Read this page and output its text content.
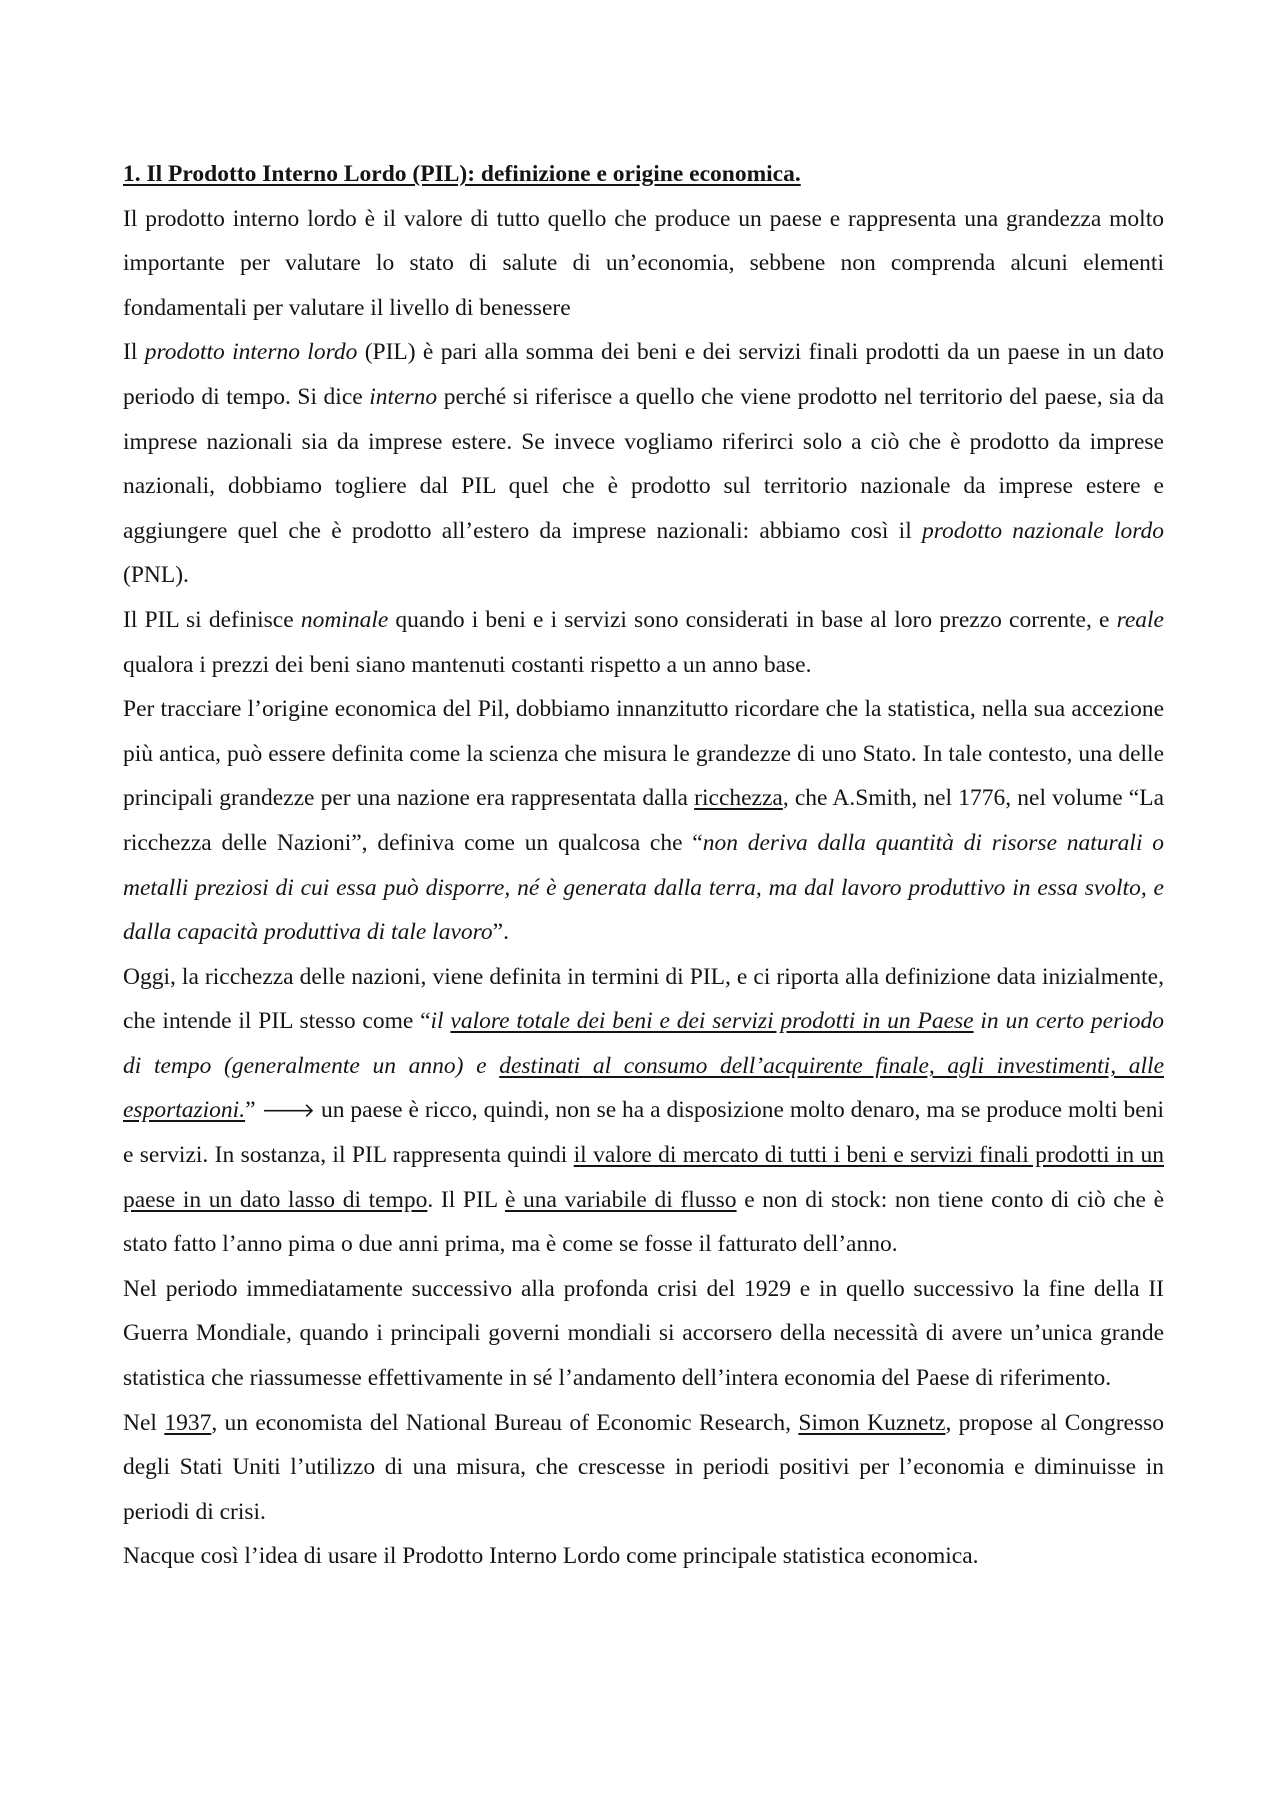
1. Il Prodotto Interno Lordo (PIL): definizione e origine economica.

Il prodotto interno lordo è il valore di tutto quello che produce un paese e rappresenta una grandezza molto importante per valutare lo stato di salute di un’economia, sebbene non comprenda alcuni elementi fondamentali per valutare il livello di benessere

Il prodotto interno lordo (PIL) è pari alla somma dei beni e dei servizi finali prodotti da un paese in un dato periodo di tempo. Si dice interno perché si riferisce a quello che viene prodotto nel territorio del paese, sia da imprese nazionali sia da imprese estere. Se invece vogliamo riferirci solo a ciò che è prodotto da imprese nazionali, dobbiamo togliere dal PIL quel che è prodotto sul territorio nazionale da imprese estere e aggiungere quel che è prodotto all’estero da imprese nazionali: abbiamo così il prodotto nazionale lordo (PNL).

Il PIL si definisce nominale quando i beni e i servizi sono considerati in base al loro prezzo corrente, e reale qualora i prezzi dei beni siano mantenuti costanti rispetto a un anno base.

Per tracciare l’origine economica del Pil, dobbiamo innanzitutto ricordare che la statistica, nella sua accezione più antica, può essere definita come la scienza che misura le grandezze di uno Stato. In tale contesto, una delle principali grandezze per una nazione era rappresentata dalla ricchezza, che A.Smith, nel 1776, nel volume “La ricchezza delle Nazioni”, definiva come un qualcosa che “non deriva dalla quantità di risorse naturali o metalli preziosi di cui essa può disporre, né è generata dalla terra, ma dal lavoro produttivo in essa svolto, e dalla capacità produttiva di tale lavoro”.

Oggi, la ricchezza delle nazioni, viene definita in termini di PIL, e ci riporta alla definizione data inizialmente, che intende il PIL stesso come “il valore totale dei beni e dei servizi prodotti in un Paese in un certo periodo di tempo (generalmente un anno) e destinati al consumo dell’acquirente finale, agli investimenti, alle esportazioni.” 🡒 un paese è ricco, quindi, non se ha a disposizione molto denaro, ma se produce molti beni e servizi. In sostanza, il PIL rappresenta quindi il valore di mercato di tutti i beni e servizi finali prodotti in un paese in un dato lasso di tempo. Il PIL è una variabile di flusso e non di stock: non tiene conto di ciò che è stato fatto l’anno pima o due anni prima, ma è come se fosse il fatturato dell’anno.

Nel periodo immediatamente successivo alla profonda crisi del 1929 e in quello successivo la fine della II Guerra Mondiale, quando i principali governi mondiali si accorsero della necessità di avere un’unica grande statistica che riassumesse effettivamente in sé l’andamento dell’intera economia del Paese di riferimento.

Nel 1937, un economista del National Bureau of Economic Research, Simon Kuznetz, propose al Congresso degli Stati Uniti l’utilizzo di una misura, che crescesse in periodi positivi per l’economia e diminuisse in periodi di crisi.

Nacque così l’idea di usare il Prodotto Interno Lordo come principale statistica economica.
